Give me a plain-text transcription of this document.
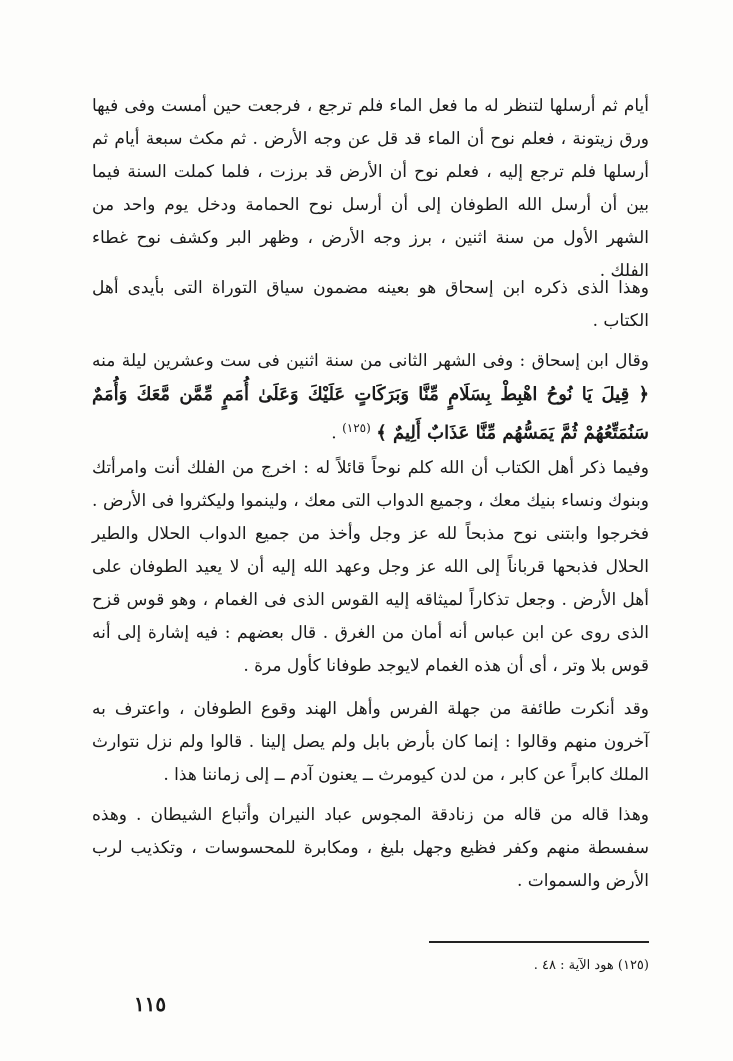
أيام ثم أرسلها لتنظر له ما فعل الماء فلم ترجع ، فرجعت حين أمست وفى فيها ورق زيتونة ، فعلم نوح أن الماء قد قل عن وجه الأرض . ثم مكث سبعة أيام ثم أرسلها فلم ترجع إليه ، فعلم نوح أن الأرض قد برزت ، فلما كملت السنة فيما بين أن أرسل الله الطوفان إلى أن أرسل نوح الحمامة ودخل يوم واحد من الشهر الأول من سنة اثنين ، برز وجه الأرض ، وظهر البر وكشف نوح غطاء الفلك .

وهذا الذى ذكره ابن إسحاق هو بعينه مضمون سياق التوراة التى بأيدى أهل الكتاب .

وقال ابن إسحاق : وفى الشهر الثانى من سنة اثنين فى ست وعشرين ليلة منه ﴿ قِيلَ يَا نُوحُ اهْبِطْ بِسَلَامٍ مِّنَّا وَبَرَكَاتٍ عَلَيْكَ وَعَلَىٰ أُمَمٍ مِّمَّن مَّعَكَ وَأُمَمٌ سَنُمَتِّعُهُمْ ثُمَّ يَمَسُّهُم مِّنَّا عَذَابٌ أَلِيمٌ ﴾ $^{(١٢٥)}$ .

وفيما ذكر أهل الكتاب أن الله كلم نوحاً قائلاً له : اخرج من الفلك أنت وامرأتك وبنوك ونساء بنيك معك ، وجميع الدواب التى معك ، ولينموا وليكثروا فى الأرض . فخرجوا وابتنى نوح مذبحاً لله عز وجل وأخذ من جميع الدواب الحلال والطير الحلال فذبحها قرباناً إلى الله عز وجل وعهد الله إليه أن لا يعيد الطوفان على أهل الأرض . وجعل تذكاراً لميثاقه إليه القوس الذى فى الغمام ، وهو قوس قزح الذى روى عن ابن عباس أنه أمان من الغرق . قال بعضهم : فيه إشارة إلى أنه قوس بلا وتر ، أى أن هذه الغمام لايوجد طوفانا كأول مرة .

وقد أنكرت طائفة من جهلة الفرس وأهل الهند وقوع الطوفان ، واعترف به آخرون منهم وقالوا : إنما كان بأرض بابل ولم يصل إلينا . قالوا ولم نزل نتوارث الملك كابراً عن كابر ، من لدن كيومرث ــ يعنون آدم ــ إلى زماننا هذا .

وهذا قاله من قاله من زنادقة المجوس عباد النيران وأتباع الشيطان . وهذه سفسطة منهم وكفر فظيع وجهل بليغ ، ومكابرة للمحسوسات ، وتكذيب لرب الأرض والسموات .

(١٢٥) هود الآية : ٤٨ .

١١٥
